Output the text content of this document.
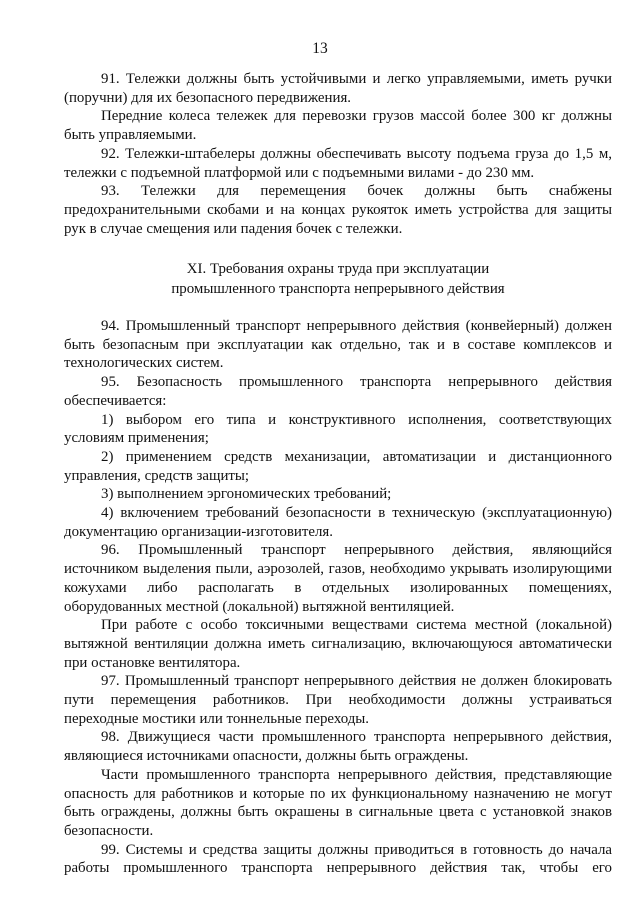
13

91. Тележки должны быть устойчивыми и легко управляемыми, иметь ручки (поручни) для их безопасного передвижения.

Передние колеса тележек для перевозки грузов массой более 300 кг должны быть управляемыми.

92. Тележки-штабелеры должны обеспечивать высоту подъема груза до 1,5 м, тележки с подъемной платформой или с подъемными вилами - до 230 мм.

93. Тележки для перемещения бочек должны быть снабжены предохранительными скобами и на концах рукояток иметь устройства для защиты рук в случае смещения или падения бочек с тележки.

XI. Требования охраны труда при эксплуатации
промышленного транспорта непрерывного действия

94. Промышленный транспорт непрерывного действия (конвейерный) должен быть безопасным при эксплуатации как отдельно, так и в составе комплексов и технологических систем.

95. Безопасность промышленного транспорта непрерывного действия обеспечивается:

1) выбором его типа и конструктивного исполнения, соответствующих условиям применения;

2) применением средств механизации, автоматизации и дистанционного управления, средств защиты;

3) выполнением эргономических требований;

4) включением требований безопасности в техническую (эксплуатационную) документацию организации-изготовителя.

96. Промышленный транспорт непрерывного действия, являющийся источником выделения пыли, аэрозолей, газов, необходимо укрывать изолирующими кожухами либо располагать в отдельных изолированных помещениях, оборудованных местной (локальной) вытяжной вентиляцией.

При работе с особо токсичными веществами система местной (локальной) вытяжной вентиляции должна иметь сигнализацию, включающуюся автоматически при остановке вентилятора.

97. Промышленный транспорт непрерывного действия не должен блокировать пути перемещения работников. При необходимости должны устраиваться переходные мостики или тоннельные переходы.

98. Движущиеся части промышленного транспорта непрерывного действия, являющиеся источниками опасности, должны быть ограждены.

Части промышленного транспорта непрерывного действия, представляющие опасность для работников и которые по их функциональному назначению не могут быть ограждены, должны быть окрашены в сигнальные цвета с установкой знаков безопасности.

99. Системы и средства защиты должны приводиться в готовность до начала работы промышленного транспорта непрерывного действия так, чтобы его
